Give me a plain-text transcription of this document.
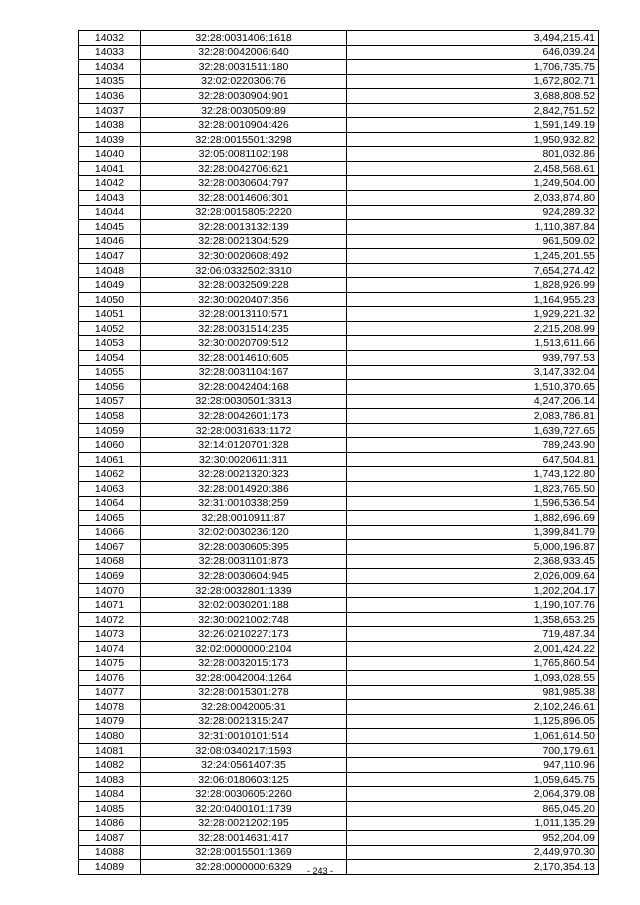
14032	32:28:0031406:1618	3,494,215.41
14033	32:28:0042006:640	646,039.24
14034	32:28:0031511:180	1,706,735.75
14035	32:02:0220306:76	1,672,802.71
14036	32:28:0030904:901	3,688,808.52
14037	32:28:0030509:89	2,842,751.52
14038	32:28:0010904:426	1,591,149.19
14039	32:28:0015501:3298	1,950,932.82
14040	32:05:0081102:198	801,032.86
14041	32:28:0042706:621	2,458,568.61
14042	32:28:0030604:797	1,249,504.00
14043	32:28:0014606:301	2,033,874.80
14044	32:28:0015805:2220	924,289.32
14045	32:28:0013132:139	1,110,387.84
14046	32:28:0021304:529	961,509.02
14047	32:30:0020608:492	1,245,201.55
14048	32:06:0332502:3310	7,654,274.42
14049	32:28:0032509:228	1,828,926.99
14050	32:30:0020407:356	1,164,955.23
14051	32:28:0013110:571	1,929,221.32
14052	32:28:0031514:235	2,215,208.99
14053	32:30:0020709:512	1,513,611.66
14054	32:28:0014610:605	939,797.53
14055	32:28:0031104:167	3,147,332.04
14056	32:28:0042404:168	1,510,370.65
14057	32:28:0030501:3313	4,247,206.14
14058	32:28:0042601:173	2,083,786.81
14059	32:28:0031633:1172	1,639,727.65
14060	32:14:0120701:328	789,243.90
14061	32:30:0020611:311	647,504.81
14062	32:28:0021320:323	1,743,122.80
14063	32:28:0014920:386	1,823,765.50
14064	32:31:0010338:259	1,596,536.54
14065	32:28:0010911:87	1,882,696.69
14066	32:02:0030236:120	1,399,841.79
14067	32:28:0030605:395	5,000,196.87
14068	32:28:0031101:873	2,368,933.45
14069	32:28:0030604:945	2,026,009.64
14070	32:28:0032801:1339	1,202,204.17
14071	32:02:0030201:188	1,190,107.76
14072	32:30:0021002:748	1,358,653.25
14073	32:26:0210227:173	719,487.34
14074	32:02:0000000:2104	2,001,424.22
14075	32:28:0032015:173	1,765,860.54
14076	32:28:0042004:1264	1,093,028.55
14077	32:28:0015301:278	981,985.38
14078	32:28:0042005:31	2,102,246.61
14079	32:28:0021315:247	1,125,896.05
14080	32:31:0010101:514	1,061,614.50
14081	32:08:0340217:1593	700,179.61
14082	32:24:0561407:35	947,110.96
14083	32:06:0180603:125	1,059,645.75
14084	32:28:0030605:2260	2,064,379.08
14085	32:20:0400101:1739	865,045.20
14086	32:28:0021202:195	1,011,135.29
14087	32:28:0014631:417	952,204.09
14088	32:28:0015501:1369	2,449,970.30
14089	32:28:0000000:6329	2,170,354.13
- 243 -
